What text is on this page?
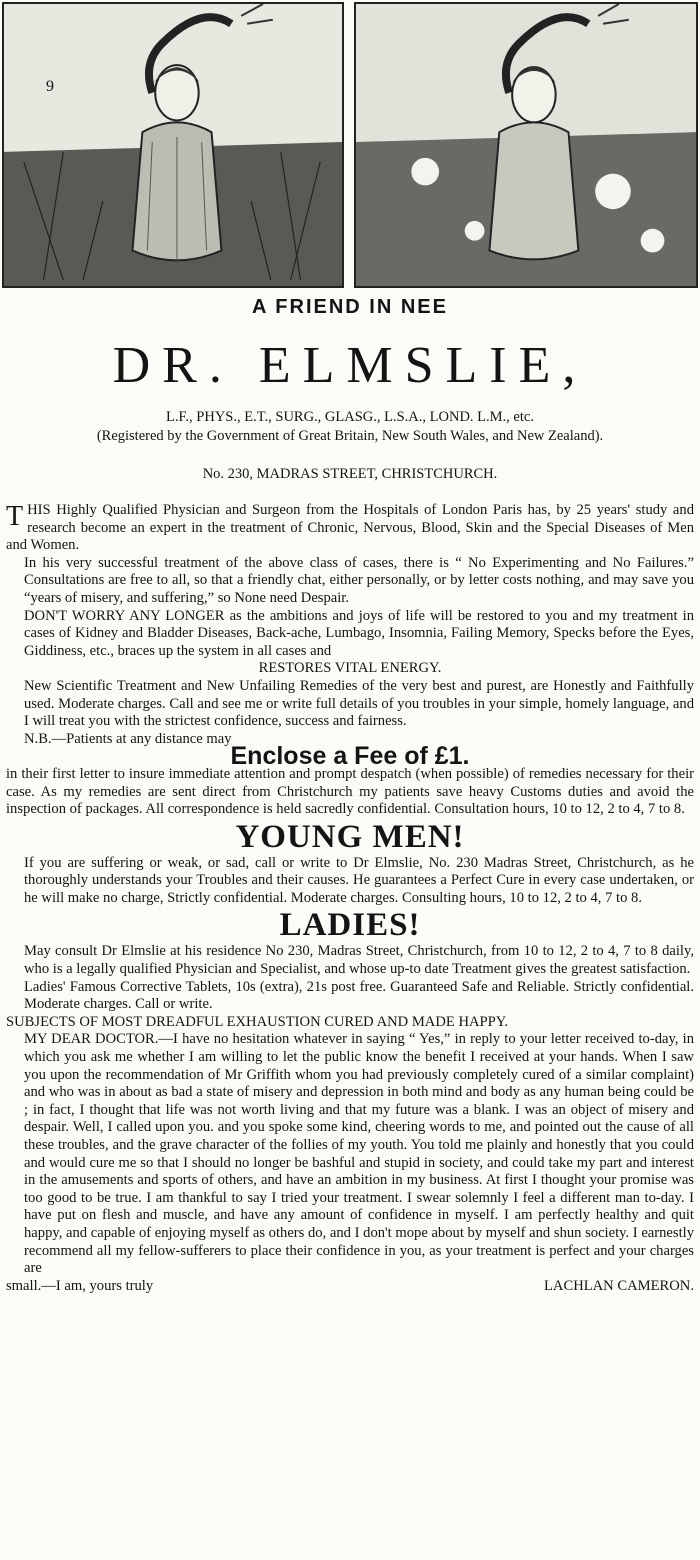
9
A FRIEND IN NEE
DR. ELMSLIE,
L.F., PHYS., E.T., SURG., GLASG., L.S.A., LOND. L.M., etc.
(Registered by the Government of Great Britain, New South Wales, and New Zealand).
No. 230, MADRAS STREET, CHRISTCHURCH.
THIS Highly Qualified Physician and Surgeon from the Hospitals of London Paris has, by 25 years' study and research become an expert in the treatment of Chronic, Nervous, Blood, Skin and the Special Diseases of Men and Women.
In his very successful treatment of the above class of cases, there is “ No Experimenting and No Failures.” Consultations are free to all, so that a friendly chat, either personally, or by letter costs nothing, and may save you “years of misery, and suffering,” so None need Despair.
DON'T WORRY ANY LONGER as the ambitions and joys of life will be restored to you and my treatment in cases of Kidney and Bladder Diseases, Back-ache, Lumbago, Insomnia, Failing Memory, Specks before the Eyes, Giddiness, etc., braces up the system in all cases and
RESTORES VITAL ENERGY.
New Scientific Treatment and New Unfailing Remedies of the very best and purest, are Honestly and Faithfully used. Moderate charges. Call and see me or write full details of you troubles in your simple, homely language, and I will treat you with the strictest confidence, success and fairness.
N.B.—Patients at any distance may
Enclose a Fee of £1.
in their first letter to insure immediate attention and prompt despatch (when possible) of remedies necessary for their case. As my remedies are sent direct from Christchurch my patients save heavy Customs duties and avoid the inspection of packages. All correspondence is held sacredly confidential. Consultation hours, 10 to 12, 2 to 4, 7 to 8.
YOUNG MEN!
If you are suffering or weak, or sad, call or write to Dr Elmslie, No. 230 Madras Street, Christchurch, as he thoroughly understands your Troubles and their causes. He guarantees a Perfect Cure in every case undertaken, or he will make no charge, Strictly confidential. Moderate charges. Consulting hours, 10 to 12, 2 to 4, 7 to 8.
LADIES!
May consult Dr Elmslie at his residence No 230, Madras Street, Christchurch, from 10 to 12, 2 to 4, 7 to 8 daily, who is a legally qualified Physician and Specialist, and whose up-to date Treatment gives the greatest satisfaction.
Ladies' Famous Corrective Tablets, 10s (extra), 21s post free. Guaranteed Safe and Reliable. Strictly confidential. Moderate charges. Call or write.
SUBJECTS OF MOST DREADFUL EXHAUSTION CURED AND MADE HAPPY.
MY DEAR DOCTOR.—I have no hesitation whatever in saying “ Yes,” in reply to your letter received to-day, in which you ask me whether I am willing to let the public know the benefit I received at your hands. When I saw you upon the recommendation of Mr Griffith whom you had previously completely cured of a similar complaint) and who was in about as bad a state of misery and depression in both mind and body as any human being could be ; in fact, I thought that life was not worth living and that my future was a blank. I was an object of misery and despair. Well, I called upon you. and you spoke some kind, cheering words to me, and pointed out the cause of all these troubles, and the grave character of the follies of my youth. You told me plainly and honestly that you could and would cure me so that I should no longer be bashful and stupid in society, and could take my part and interest in the amusements and sports of others, and have an ambition in my business. At first I thought your promise was too good to be true. I am thankful to say I tried your treatment. I swear solemnly I feel a different man to-day. I have put on flesh and muscle, and have any amount of confidence in myself. I am perfectly healthy and quit happy, and capable of enjoying myself as others do, and I don't mope about by myself and shun society. I earnestly recommend all my fellow-sufferers to place their confidence in you, as your treatment is perfect and your charges are
small.—I am, yours truly	LACHLAN CAMERON.
